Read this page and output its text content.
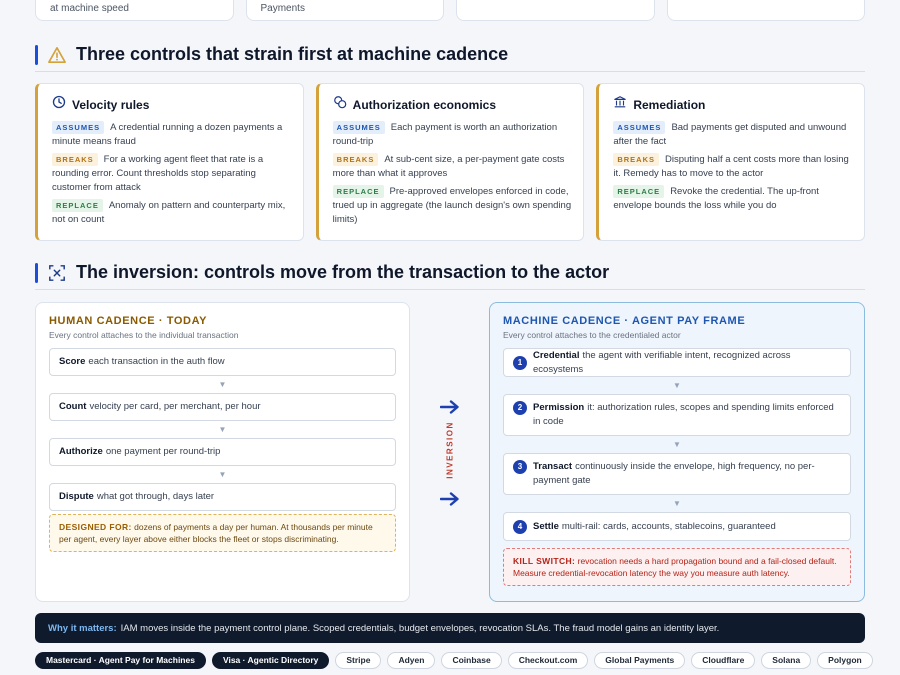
at machine speed	Payments
Three controls that strain first at machine cadence
Velocity rules
ASSUMES A credential running a dozen payments a minute means fraud
BREAKS For a working agent fleet that rate is a rounding error. Count thresholds stop separating customer from attack
REPLACE Anomaly on pattern and counterparty mix, not on count
Authorization economics
ASSUMES Each payment is worth an authorization round-trip
BREAKS At sub-cent size, a per-payment gate costs more than what it approves
REPLACE Pre-approved envelopes enforced in code, trued up in aggregate (the launch design's own spending limits)
Remediation
ASSUMES Bad payments get disputed and unwound after the fact
BREAKS Disputing half a cent costs more than losing it. Remedy has to move to the actor
REPLACE Revoke the credential. The up-front envelope bounds the loss while you do
The inversion: controls move from the transaction to the actor
HUMAN CADENCE · TODAY
Every control attaches to the individual transaction
Score each transaction in the auth flow
▼
Count velocity per card, per merchant, per hour
▼
Authorize one payment per round-trip
▼
Dispute what got through, days later
DESIGNED FOR: dozens of payments a day per human. At thousands per minute per agent, every layer above either blocks the fleet or stops discriminating.
INVERSION
MACHINE CADENCE · AGENT PAY FRAME
Every control attaches to the credentialed actor
1
Credential the agent with verifiable intent, recognized across ecosystems
▼
2	Permission it: authorization rules, scopes and spending limits enforced in code
▼
3	Transact continuously inside the envelope, high frequency, no per-payment gate
▼
4	Settle multi-rail: cards, accounts, stablecoins, guaranteed
KILL SWITCH: revocation needs a hard propagation bound and a fail-closed default. Measure credential-revocation latency the way you measure auth latency.
Why it matters: IAM moves inside the payment control plane. Scoped credentials, budget envelopes, revocation SLAs. The fraud model gains an identity layer.
Mastercard · Agent Pay for Machines	Visa · Agentic Directory	Stripe	Adyen	Coinbase	Checkout.com	Global Payments	Cloudflare	Solana	Polygon
